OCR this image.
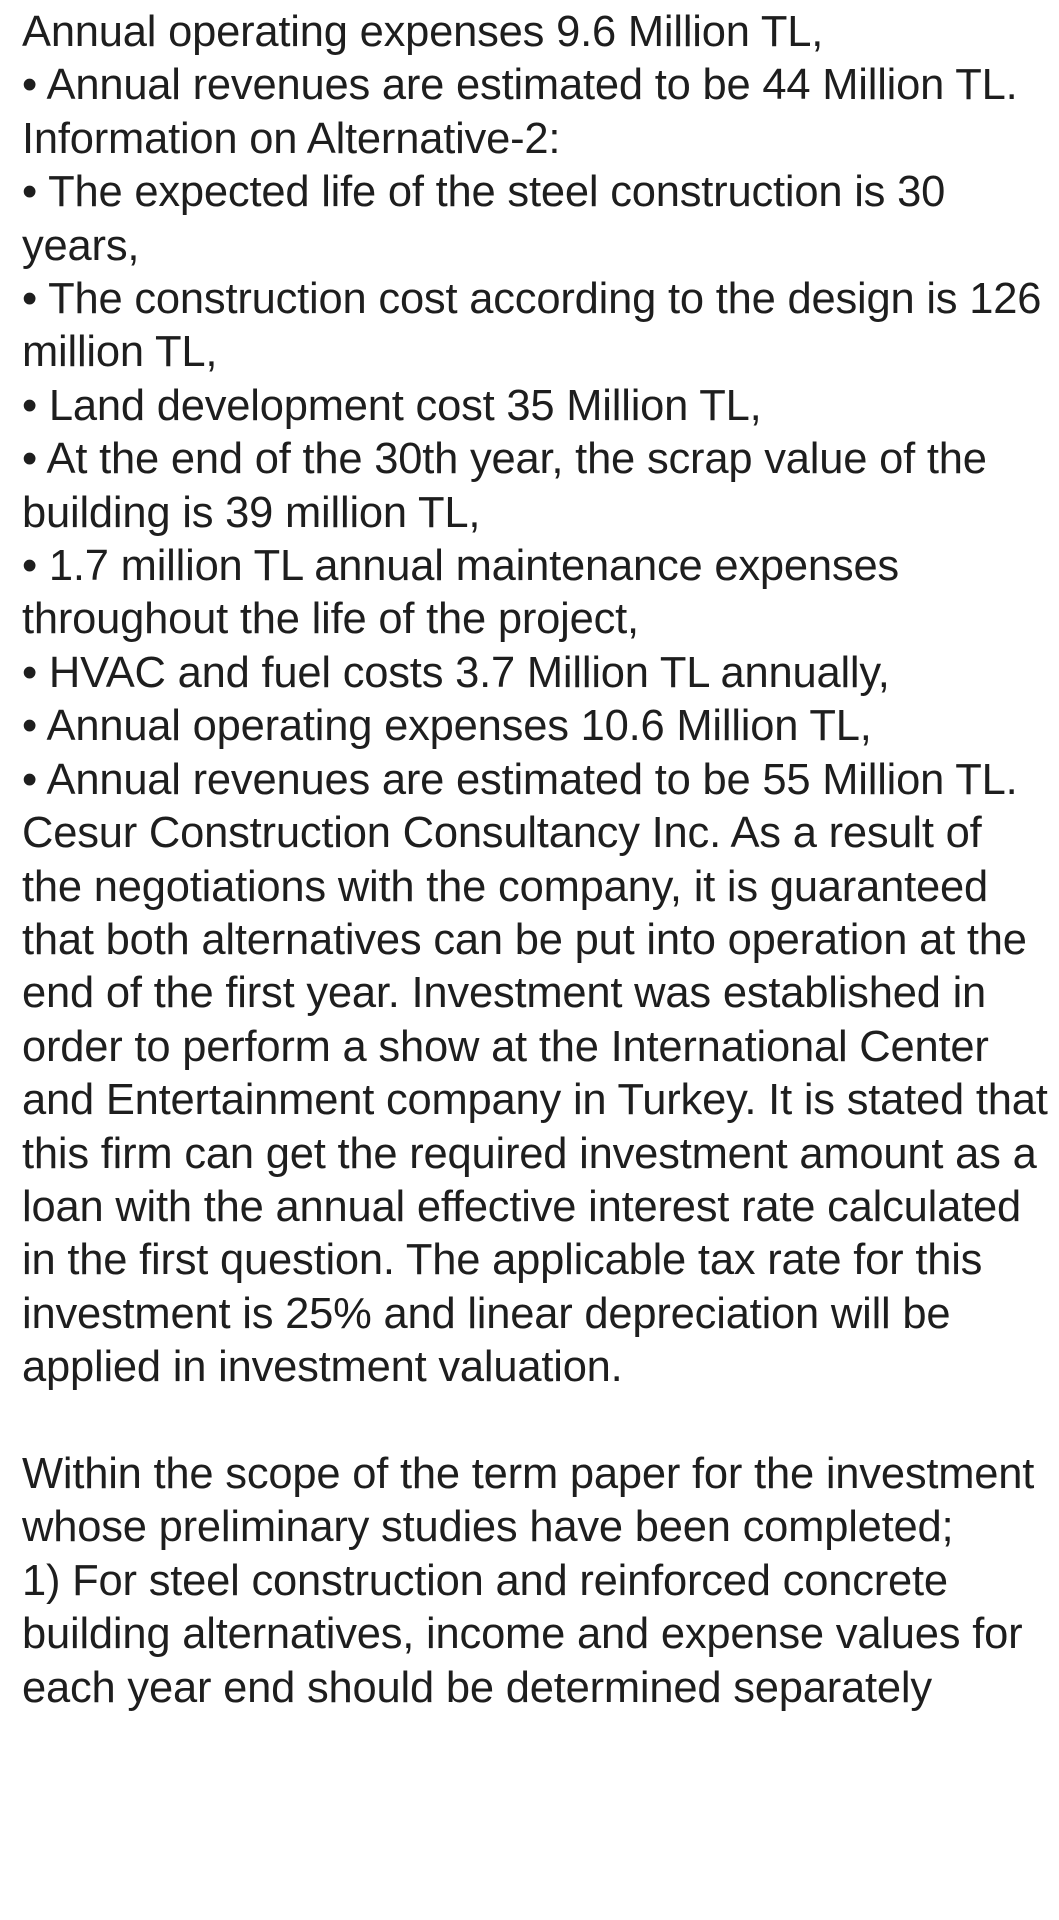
Annual operating expenses 9.6 Million TL,

• Annual revenues are estimated to be 44 Million TL.

Information on Alternative-2:

• The expected life of the steel construction is 30 years,

• The construction cost according to the design is 126 million TL,

• Land development cost 35 Million TL,

• At the end of the 30th year, the scrap value of the building is 39 million TL,

• 1.7 million TL annual maintenance expenses throughout the life of the project,

• HVAC and fuel costs 3.7 Million TL annually,

• Annual operating expenses 10.6 Million TL,

• Annual revenues are estimated to be 55 Million TL.

Cesur Construction Consultancy Inc. As a result of the negotiations with the company, it is guaranteed that both alternatives can be put into operation at the end of the first year. Investment was established in order to perform a show at the International Center and Entertainment company in Turkey. It is stated that this firm can get the required investment amount as a loan with the annual effective interest rate calculated in the first question. The applicable tax rate for this investment is 25% and linear depreciation will be applied in investment valuation.

Within the scope of the term paper for the investment whose preliminary studies have been completed;

1) For steel construction and reinforced concrete building alternatives, income and expense values for each year end should be determined separately
